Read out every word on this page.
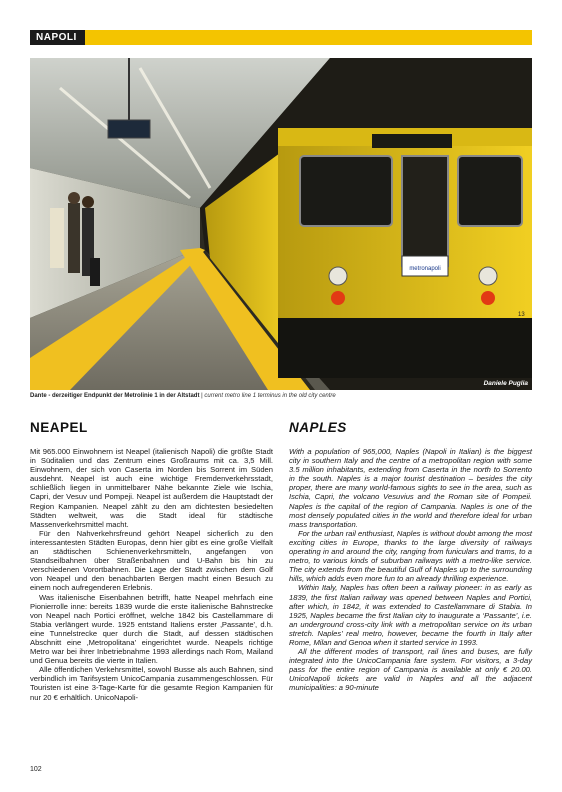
NAPOLI
metronapoli
13
Daniele Puglia
Dante - derzeitiger Endpunkt der Metrolinie 1 in der Altstadt | current metro line 1 terminus in the old city centre
NEAPEL	NAPLES

Mit 965.000 Einwohnern ist Neapel (italienisch Napoli) die größte Stadt in Süditalien und das Zentrum eines Großraums mit ca. 3,5 Mill. Einwohnern, der sich von Caserta im Norden bis Sorrent im Süden ausdehnt. Neapel ist auch eine wichtige Fremdenverkehrsstadt, schließlich liegen in unmittelbarer Nähe bekannte Ziele wie Ischia, Capri, der Vesuv und Pompeji. Neapel ist außerdem die Hauptstadt der Region Kampanien. Neapel zählt zu den am dichtesten besiedelten Städten weltweit, was die Stadt ideal für städtische Massenverkehrsmittel macht.

Für den Nahverkehrsfreund gehört Neapel sicherlich zu den interessantesten Städten Europas, denn hier gibt es eine große Vielfalt an städtischen Schienenverkehrsmitteln, angefangen von Standseilbahnen über Straßenbahnen und U-Bahn bis hin zu verschiedenen Vorortbahnen. Die Lage der Stadt zwischen dem Golf von Neapel und den benachbarten Bergen macht einen Besuch zu einem noch aufregenderen Erlebnis.

Was italienische Eisenbahnen betrifft, hatte Neapel mehrfach eine Pionierrolle inne: bereits 1839 wurde die erste italienische Bahnstrecke von Neapel nach Portici eröffnet, welche 1842 bis Castellammare di Stabia verlängert wurde. 1925 entstand Italiens erster ‚Passante', d.h. eine Tunnelstrecke quer durch die Stadt, auf dessen städtischen Abschnitt eine ‚Metropolitana' eingerichtet wurde. Neapels richtige Metro war bei ihrer Inbetriebnahme 1993 allerdings nach Rom, Mailand und Genua bereits die vierte in Italien.

Alle öffentlichen Verkehrsmittel, sowohl Busse als auch Bahnen, sind verbindlich im Tarifsystem UnicoCampania zusammengeschlossen. Für Touristen ist eine 3-Tage-Karte für die gesamte Region Kampanien für nur 20 € erhältlich. UnicoNapoli-

With a population of 965,000, Naples (Napoli in Italian) is the biggest city in southern Italy and the centre of a metropolitan region with some 3.5 million inhabitants, extending from Caserta in the north to Sorrento in the south. Naples is a major tourist destination – besides the city proper, there are many world-famous sights to see in the area, such as Ischia, Capri, the volcano Vesuvius and the Roman site of Pompeii. Naples is the capital of the region of Campania. Naples is one of the most densely populated cities in the world and therefore ideal for urban mass transportation.

For the urban rail enthusiast, Naples is without doubt among the most exciting cities in Europe, thanks to the large diversity of railways operating in and around the city, ranging from funiculars and trams, to a metro, to various kinds of suburban railways with a metro-like service. The city extends from the beautiful Gulf of Naples up to the surrounding hills, which adds even more fun to an already thrilling experience.

Within Italy, Naples has often been a railway pioneer: in as early as 1839, the first Italian railway was opened between Naples and Portici, after which, in 1842, it was extended to Castellammare di Stabia. In 1925, Naples became the first Italian city to inaugurate a ‘Passante’, i.e. an underground cross-city link with a metropolitan service on its urban stretch. Naples’ real metro, however, became the fourth in Italy after Rome, Milan and Genoa when it started service in 1993.

All the different modes of transport, rail lines and buses, are fully integrated into the UnicoCampania fare system. For visitors, a 3-day pass for the entire region of Campania is available at only € 20.00. UnicoNapoli tickets are valid in Naples and all the adjacent municipalities: a 90-minute

102
